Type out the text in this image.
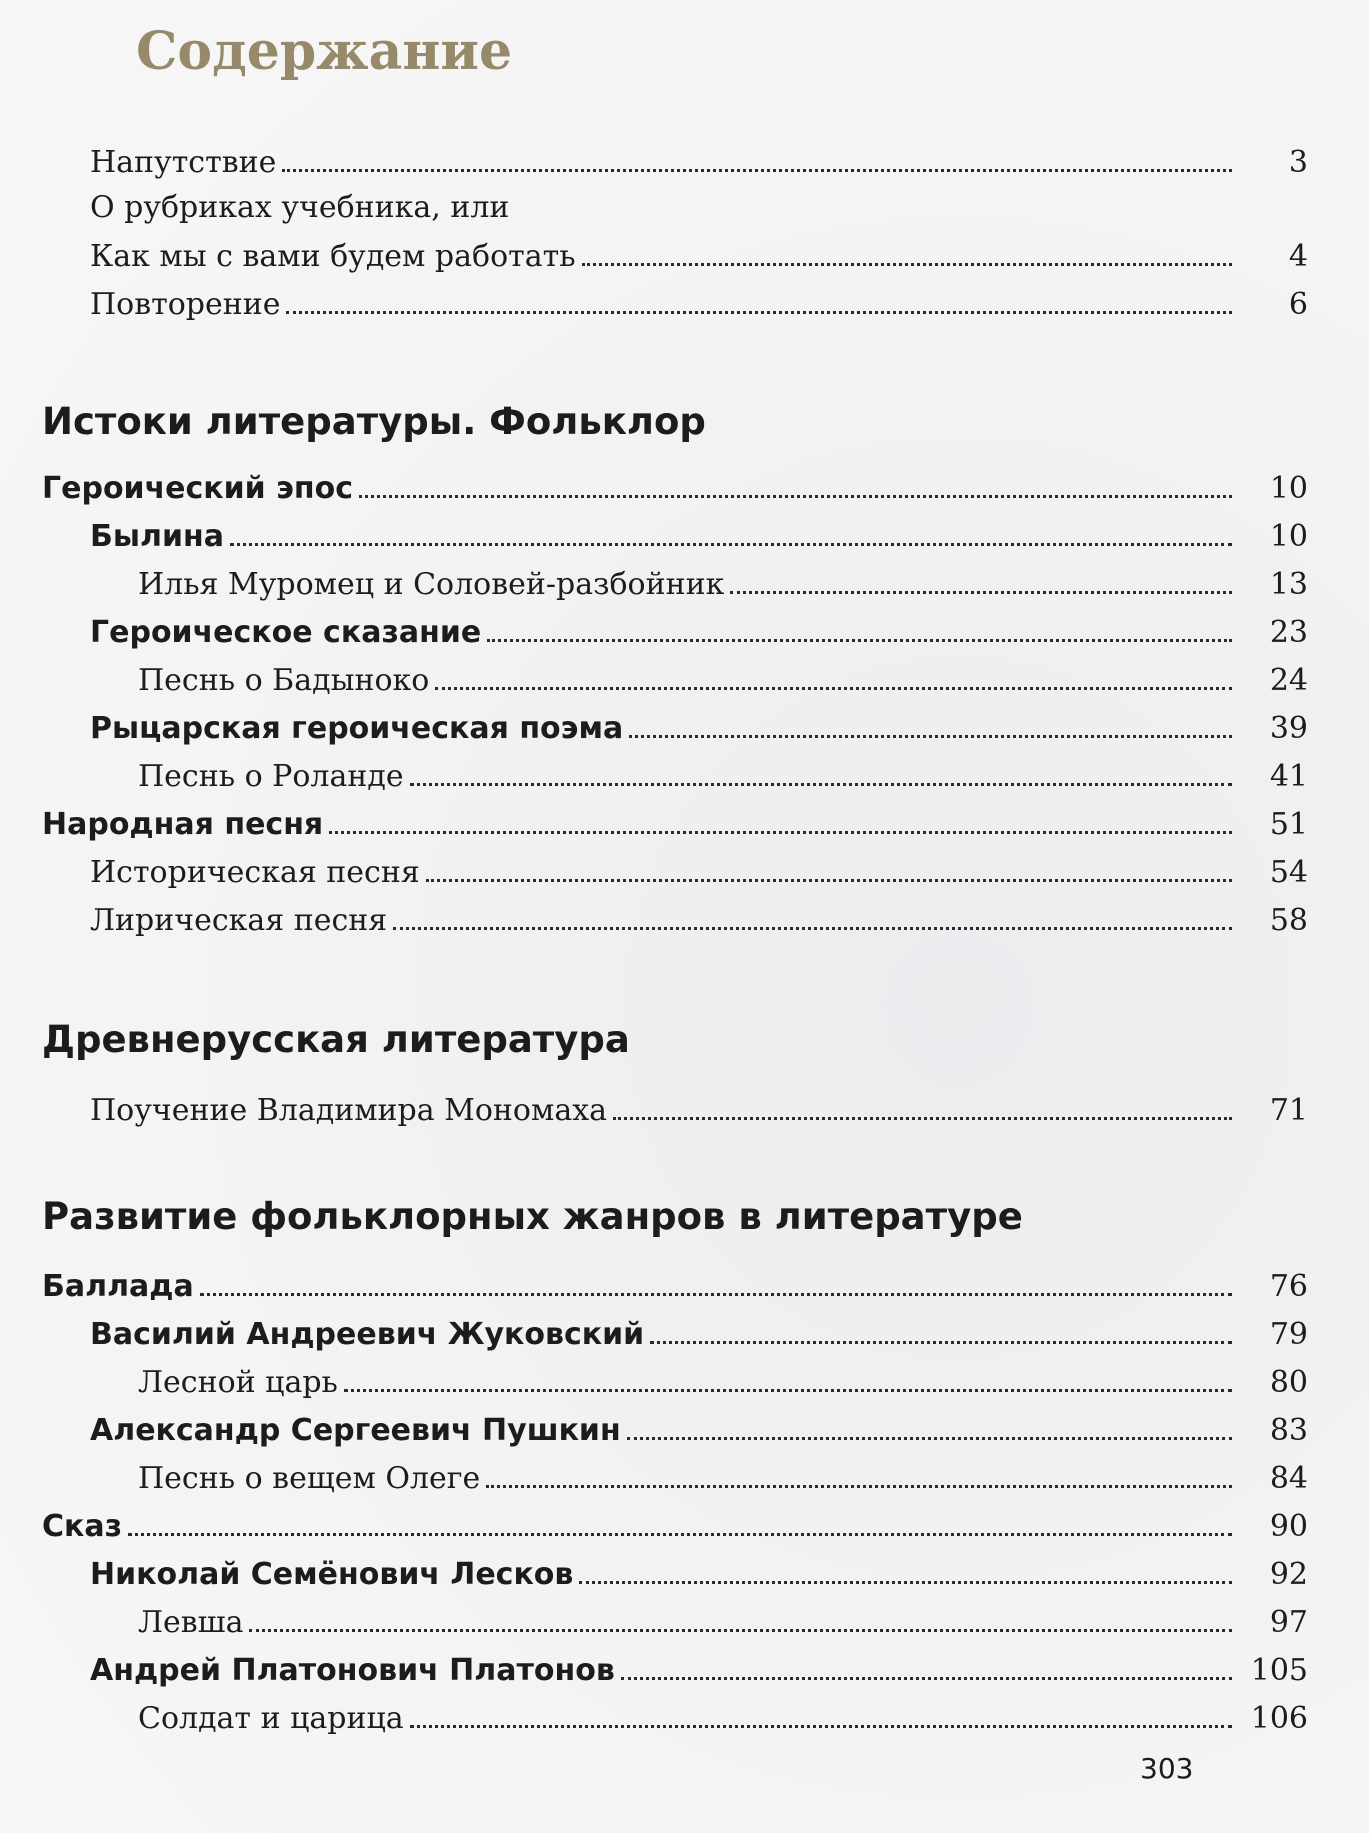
Содержание
Напутствие	3
О рубриках учебника, или
Как мы с вами будем работать	4
Повторение	6
Истоки литературы. Фольклор
Древнерусская литература
Развитие фольклорных жанров в литературе
Героический эпос	10
Былина	10
Илья Муромец и Соловей-разбойник	13
Героическое сказание	23
Песнь о Бадыноко	24
Рыцарская героическая поэма	39
Песнь о Роланде	41
Народная песня	51
Историческая песня	54
Лирическая песня	58
Поучение Владимира Мономаха	71
Баллада	76
Василий Андреевич Жуковский	79
Лесной царь	80
Александр Сергеевич Пушкин	83
Песнь о вещем Олеге	84
Сказ	90
Николай Семёнович Лесков	92
Левша	97
Андрей Платонович Платонов	105
Солдат и царица	106
303
